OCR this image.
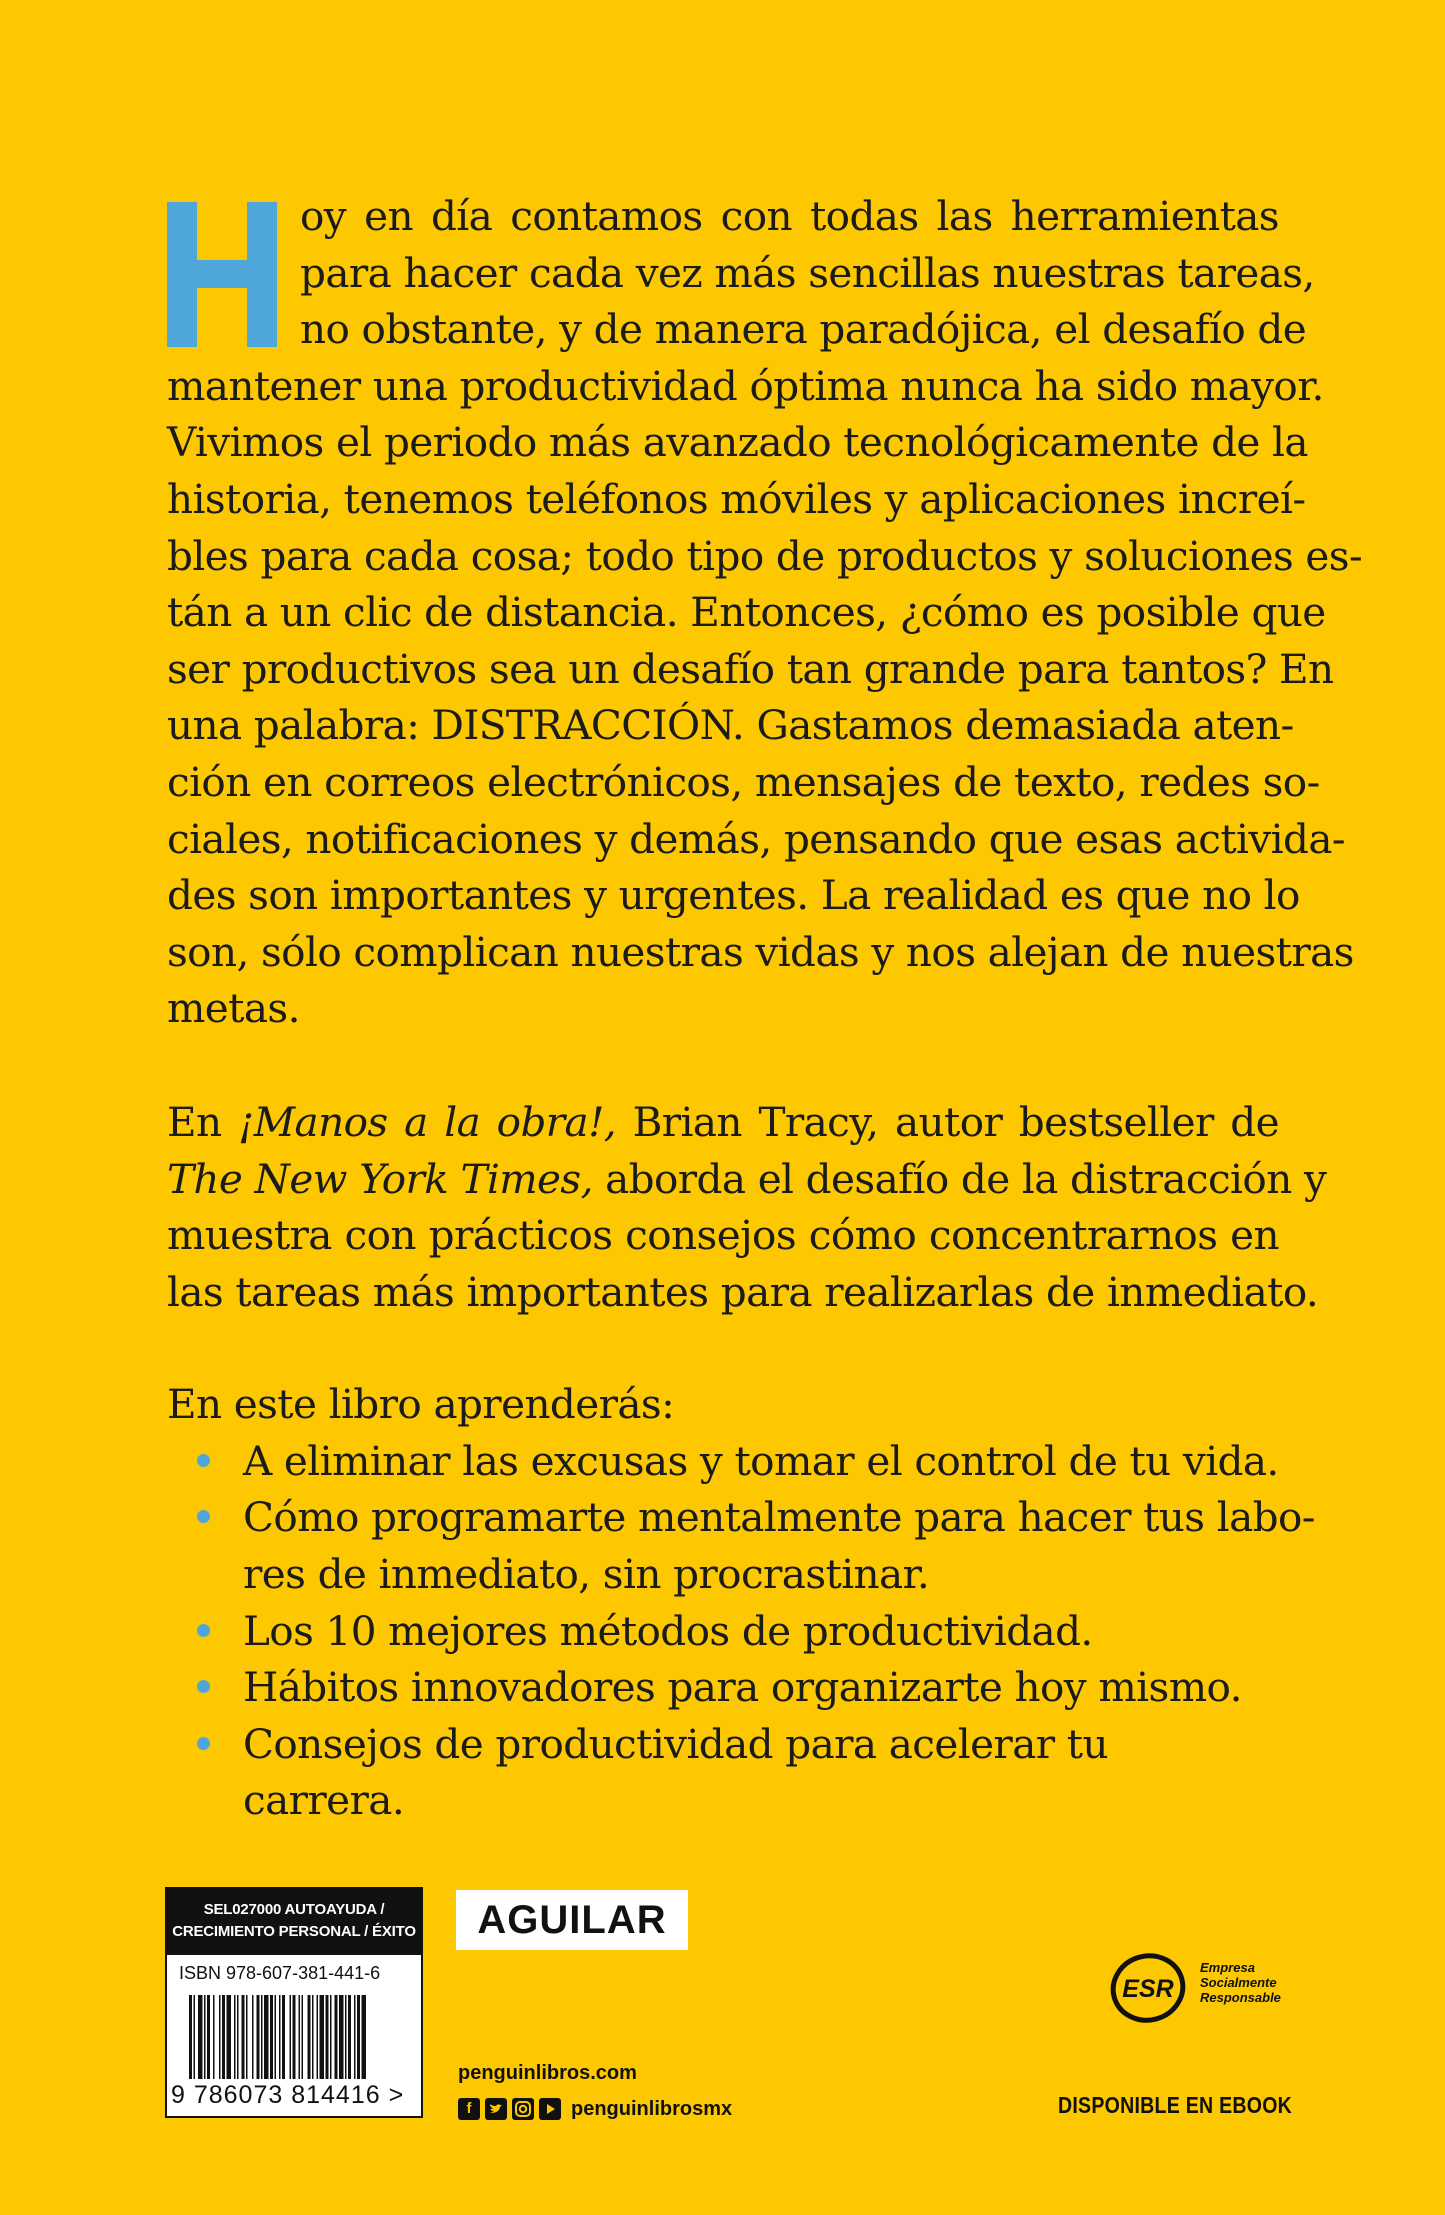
oy en día contamos con todas las herramientas
para hacer cada vez más sencillas nuestras tareas,
no obstante, y de manera paradójica, el desafío de
mantener una productividad óptima nunca ha sido mayor.
Vivimos el periodo más avanzado tecnológicamente de la
historia, tenemos teléfonos móviles y aplicaciones increí-
bles para cada cosa; todo tipo de productos y soluciones es-
tán a un clic de distancia. Entonces, ¿cómo es posible que
ser productivos sea un desafío tan grande para tantos? En
una palabra: DISTRACCIÓN. Gastamos demasiada aten-
ción en correos electrónicos, mensajes de texto, redes so-
ciales, notificaciones y demás, pensando que esas activida-
des son importantes y urgentes. La realidad es que no lo
son, sólo complican nuestras vidas y nos alejan de nuestras
metas.

En ¡Manos a la obra!, Brian Tracy, autor bestseller de
The New York Times, aborda el desafío de la distracción y
muestra con prácticos consejos cómo concentrarnos en
las tareas más importantes para realizarlas de inmediato.

En este libro aprenderás:

A eliminar las excusas y tomar el control de tu vida.
Cómo programarte mentalmente para hacer tus labo-
res de inmediato, sin procrastinar.
Los 10 mejores métodos de productividad.
Hábitos innovadores para organizarte hoy mismo.
Consejos de productividad para acelerar tu carrera.
SEL027000 AUTOAYUDA /
CRECIMIENTO PERSONAL / ÉXITO
ISBN 978-607-381-441-6
9 786073 814416 >
AGUILAR
penguinlibros.com
f	penguinlibrosmx
ESR
Empresa
Socialmente
Responsable
DISPONIBLE EN EBOOK
